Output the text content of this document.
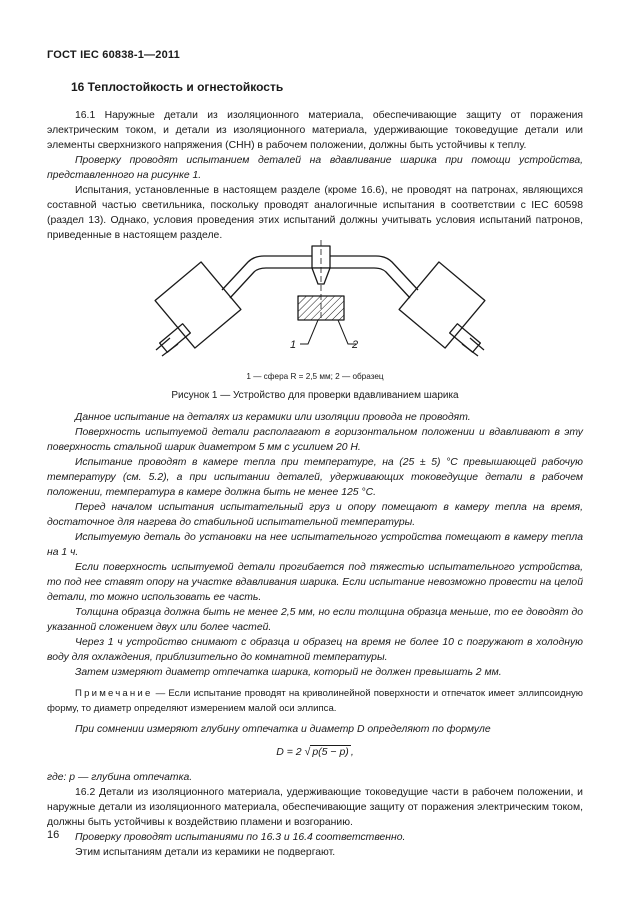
ГОСТ IEC 60838-1—2011
16 Теплостойкость и огнестойкость

16.1 Наружные детали из изоляционного материала, обеспечивающие защиту от поражения электрическим током, и детали из изоляционного материала, удерживающие токоведущие детали или элементы сверхнизкого напряжения (СНН) в рабочем положении, должны быть устойчивы к теплу.

Проверку проводят испытанием деталей на вдавливание шарика при помощи устройства, представленного на рисунке 1.

Испытания, установленные в настоящем разделе (кроме 16.6), не проводят на патронах, являющихся составной частью светильника, поскольку проводят аналогичные испытания в соответствии с IEC 60598 (раздел 13). Однако, условия проведения этих испытаний должны учитывать условия испытаний патронов, приведенные в настоящем разделе.

1	2
1 — сфера R = 2,5 мм; 2 — образец
Рисунок 1 — Устройство для проверки вдавливанием шарика

Данное испытание на деталях из керамики или изоляции провода не проводят.

Поверхность испытуемой детали располагают в горизонтальном положении и вдавливают в эту поверхность стальной шарик диаметром 5 мм с усилием 20 Н.

Испытание проводят в камере тепла при температуре, на (25 ± 5) °С превышающей рабочую температуру (см. 5.2), а при испытании деталей, удерживающих токоведущие детали в рабочем положении, температура в камере должна быть не менее 125 °С.

Перед началом испытания испытательный груз и опору помещают в камеру тепла на время, достаточное для нагрева до стабильной испытательной температуры.

Испытуемую деталь до установки на нее испытательного устройства помещают в камеру тепла на 1 ч.

Если поверхность испытуемой детали прогибается под тяжестью испытательного устройства, то под нее ставят опору на участке вдавливания шарика. Если испытание невозможно провести на целой детали, то можно использовать ее часть.

Толщина образца должна быть не менее 2,5 мм, но если толщина образца меньше, то ее доводят до указанной сложением двух или более частей.

Через 1 ч устройство снимают с образца и образец на время не более 10 с погружают в холодную воду для охлаждения, приблизительно до комнатной температуры.

Затем измеряют диаметр отпечатка шарика, который не должен превышать 2 мм.

Примечание — Если испытание проводят на криволинейной поверхности и отпечаток имеет эллипсоидную форму, то диаметр определяют измерением малой оси эллипса.

При сомнении измеряют глубину отпечатка и диаметр D определяют по формуле

D = 2 √ p(5 − p) ,

где: p — глубина отпечатка.

16.2 Детали из изоляционного материала, удерживающие токоведущие части в рабочем положении, и наружные детали из изоляционного материала, обеспечивающие защиту от поражения электрическим током, должны быть устойчивы к воздействию пламени и возгоранию.

Проверку проводят испытаниями по 16.3 и 16.4 соответственно.

Этим испытаниям детали из керамики не подвергают.

16
